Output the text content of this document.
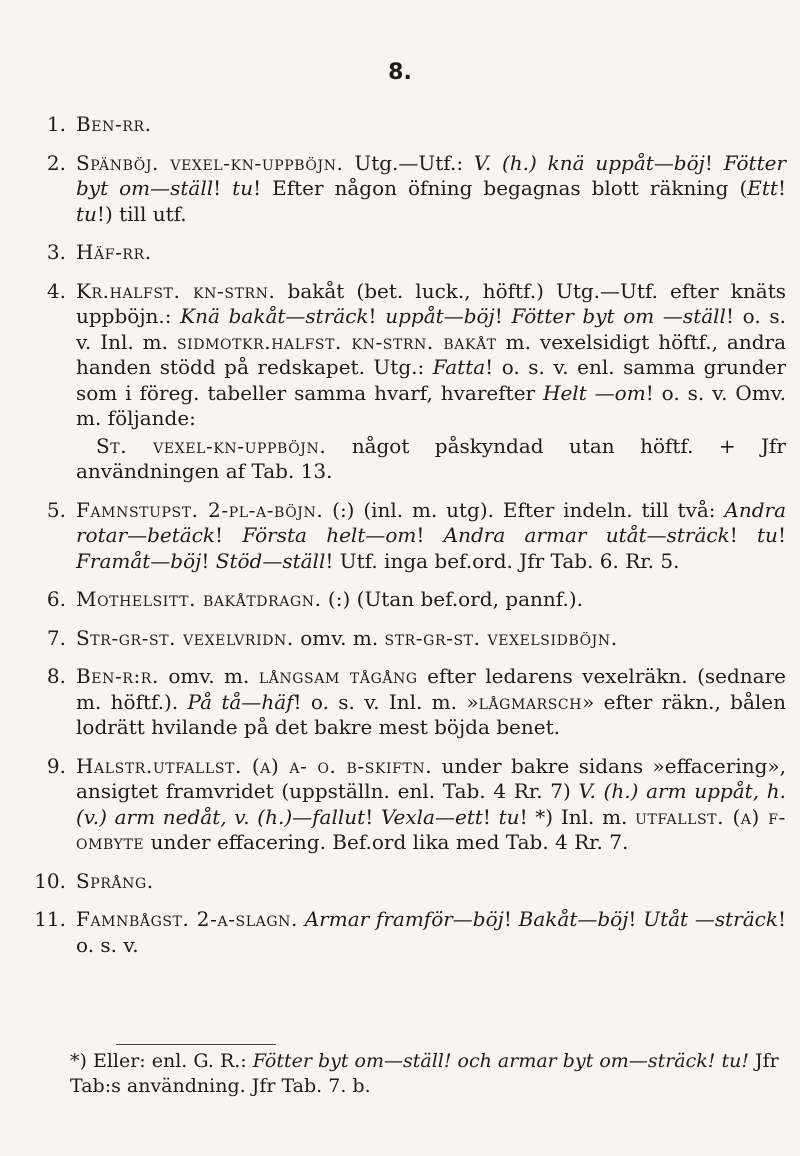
8.
1. Ben-rr.
2. Spänböj. vexel-kn-uppböjn. Utg.—Utf.: V. (h.) knä uppåt—böj! Fötter byt om—ställ! tu! Efter någon öfning begagnas blott räkning (Ett! tu!) till utf.
3. Häf-rr.
4. Kr.halfst. kn-strn. bakåt (bet. luck., höftf.) Utg.—Utf. efter knäts uppböjn.: Knä bakåt—sträck! uppåt—böj! Fötter byt om —ställ! o. s. v. Inl. m. sidmotkr.halfst. kn-strn. bakåt m. vexelsidigt höftf., andra handen stödd på redskapet. Utg.: Fatta! o. s. v. enl. samma grunder som i föreg. tabeller samma hvarf, hvarefter Helt —om! o. s. v. Omv. m. följande:
St. vexel-kn-uppböjn. något påskyndad utan höftf. + Jfr användningen af Tab. 13.
5. Famnstupst. 2-pl-a-böjn. (:) (inl. m. utg). Efter indeln. till två: Andra rotar—betäck! Första helt—om! Andra armar utåt—sträck! tu! Framåt—böj! Stöd—ställ! Utf. inga bef.ord. Jfr Tab. 6. Rr. 5.
6. Mothelsitt. bakåtdragn. (:) (Utan bef.ord, pannf.).
7. Str-gr-st. vexelvridn. omv. m. str-gr-st. vexelsidböjn.
8. Ben-r:r. omv. m. långsam tågång efter ledarens vexelräkn. (sednare m. höftf.). På tå—häf! o. s. v. Inl. m. »lågmarsch» efter räkn., bålen lodrätt hvilande på det bakre mest böjda benet.
9. Halstr.utfallst. (a) a- o. b-skiftn. under bakre sidans »effacering», ansigtet framvridet (uppställn. enl. Tab. 4 Rr. 7) V. (h.) arm uppåt, h. (v.) arm nedåt, v. (h.)—fallut! Vexla—ett! tu! *) Inl. m. utfallst. (a) f-ombyte under effacering. Bef.ord lika med Tab. 4 Rr. 7.
10. Språng.
11. Famnbågst. 2-a-slagn. Armar framför—böj! Bakåt—böj! Utåt —sträck! o. s. v.
*) Eller: enl. G. R.: Fötter byt om—ställ! och armar byt om—sträck! tu! Jfr Tab:s användning. Jfr Tab. 7. b.
